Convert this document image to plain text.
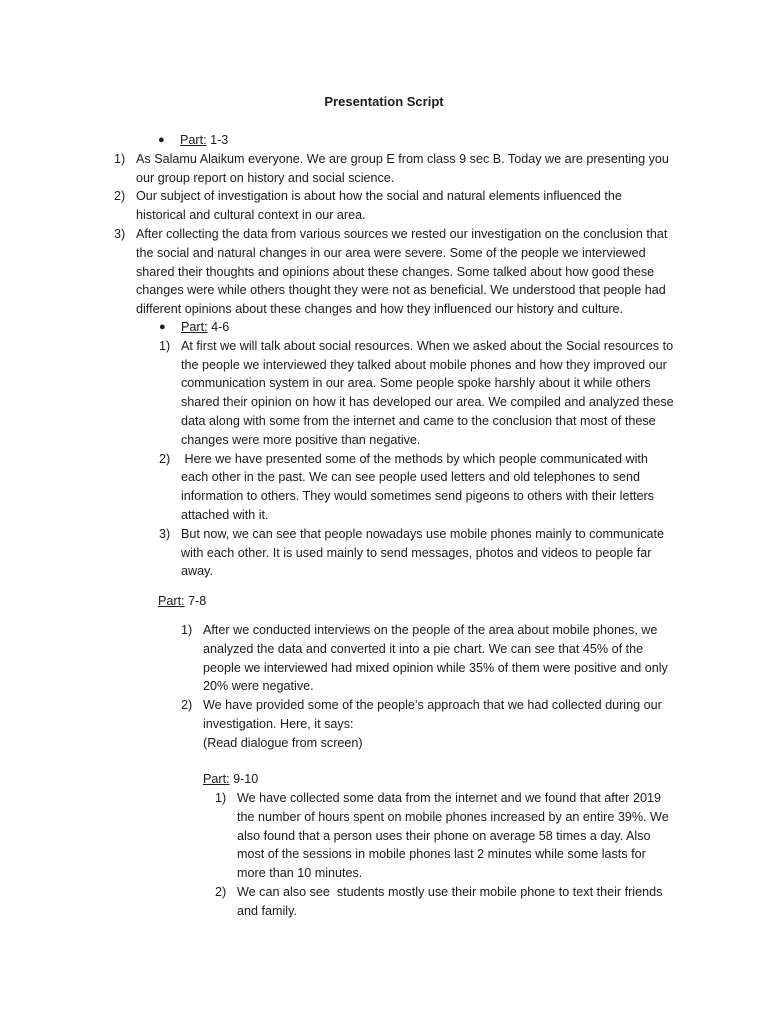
Presentation Script
● Part: 1-3
1) As Salamu Alaikum everyone. We are group E from class 9 sec B. Today we are presenting you
our group report on history and social science.
2) Our subject of investigation is about how the social and natural elements influenced the
historical and cultural context in our area.
3) After collecting the data from various sources we rested our investigation on the conclusion that
the social and natural changes in our area were severe. Some of the people we interviewed
shared their thoughts and opinions about these changes. Some talked about how good these
changes were while others thought they were not as beneficial. We understood that people had
different opinions about these changes and how they influenced our history and culture.
● Part: 4-6
1) At first we will talk about social resources. When we asked about the Social resources to
the people we interviewed they talked about mobile phones and how they improved our
communication system in our area. Some people spoke harshly about it while others
shared their opinion on how it has developed our area. We compiled and analyzed these
data along with some from the internet and came to the conclusion that most of these
changes were more positive than negative.
2) Here we have presented some of the methods by which people communicated with
each other in the past. We can see people used letters and old telephones to send
information to others. They would sometimes send pigeons to others with their letters
attached with it.
3) But now, we can see that people nowadays use mobile phones mainly to communicate
with each other. It is used mainly to send messages, photos and videos to people far
away.
Part: 7-8
1) After we conducted interviews on the people of the area about mobile phones, we
analyzed the data and converted it into a pie chart. We can see that 45% of the
people we interviewed had mixed opinion while 35% of them were positive and only
20% were negative.
2) We have provided some of the people’s approach that we had collected during our
investigation. Here, it says:
(Read dialogue from screen)
Part: 9-10
1) We have collected some data from the internet and we found that after 2019
the number of hours spent on mobile phones increased by an entire 39%. We
also found that a person uses their phone on average 58 times a day. Also
most of the sessions in mobile phones last 2 minutes while some lasts for
more than 10 minutes.
2) We can also see  students mostly use their mobile phone to text their friends
and family.
